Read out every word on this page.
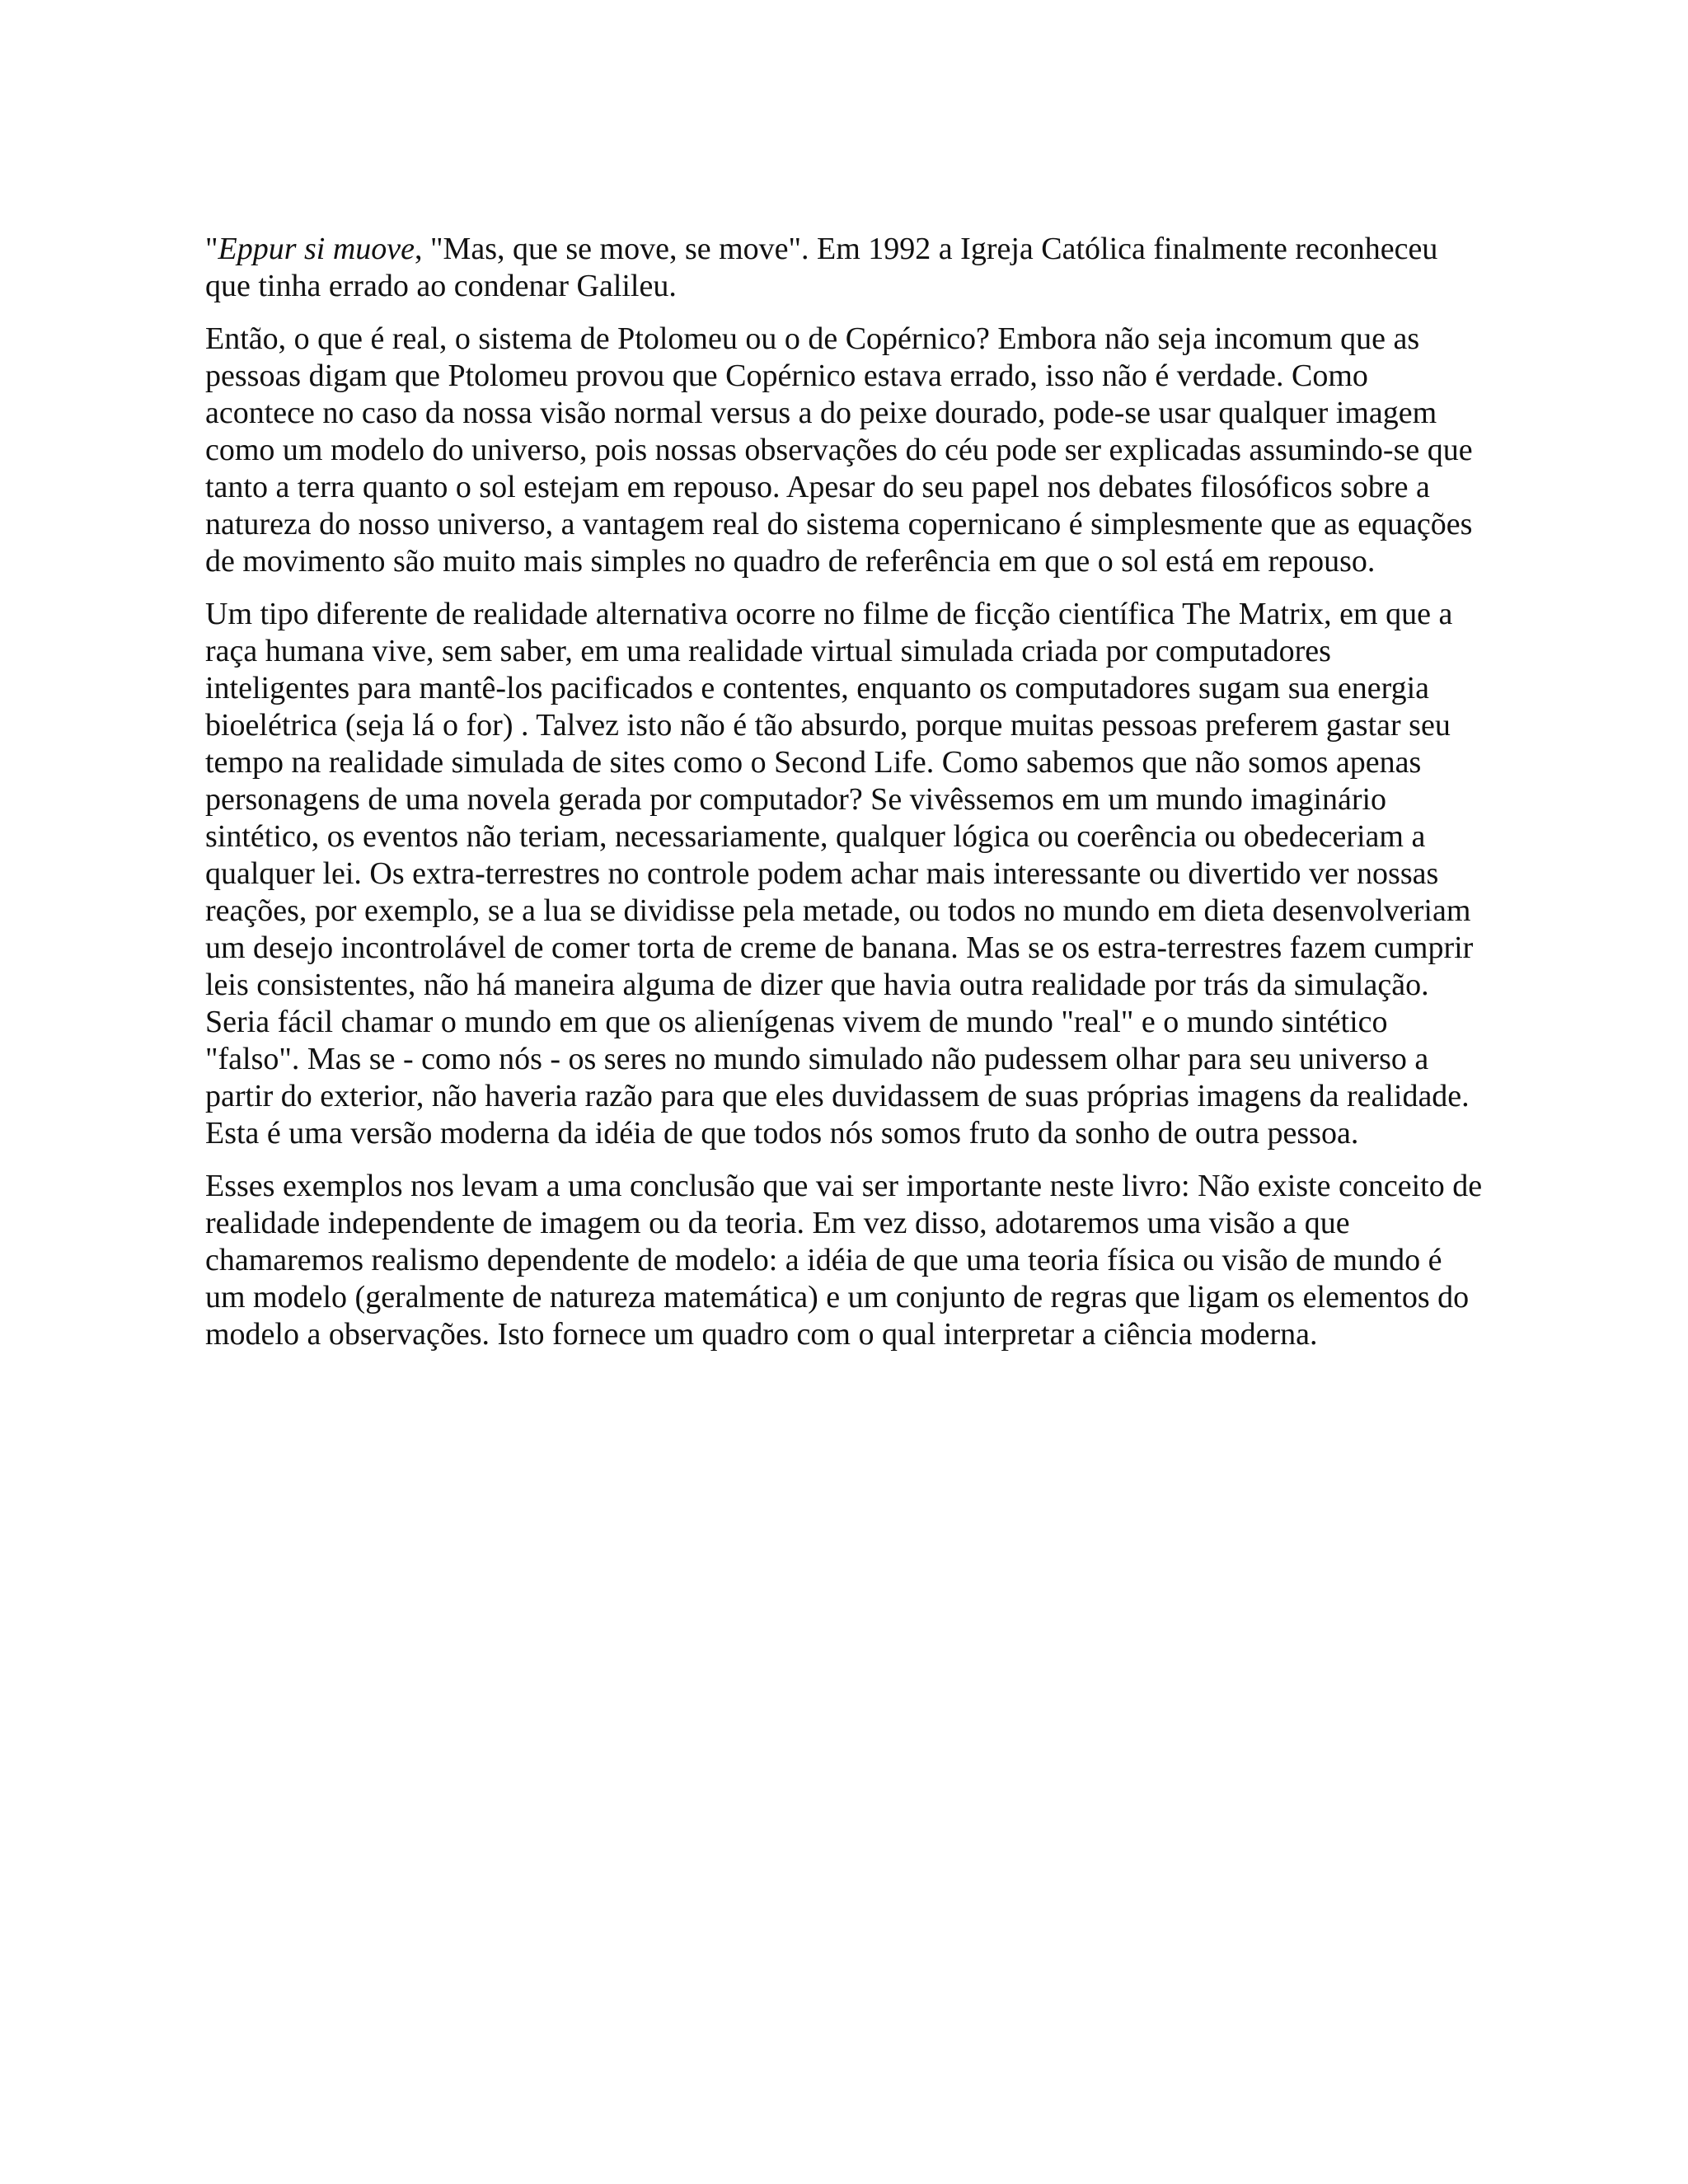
"Eppur si muove, "Mas, que se move, se move". Em 1992 a Igreja Católica finalmente reconheceu que tinha errado ao condenar Galileu.

Então, o que é real, o sistema de Ptolomeu ou o de Copérnico? Embora não seja incomum que as pessoas digam que Ptolomeu provou que Copérnico estava errado, isso não é verdade. Como acontece no caso da nossa visão normal versus a do peixe dourado, pode-se usar qualquer imagem como um modelo do universo, pois nossas observações do céu pode ser explicadas assumindo-se que tanto a terra quanto o sol estejam em repouso. Apesar do seu papel nos debates filosóficos sobre a natureza do nosso universo, a vantagem real do sistema copernicano é simplesmente que as equações de movimento são muito mais simples no quadro de referência em que o sol está em repouso.

Um tipo diferente de realidade alternativa ocorre no filme de ficção científica The Matrix, em que a raça humana vive, sem saber, em uma realidade virtual simulada criada por computadores inteligentes para mantê-los pacificados e contentes, enquanto os computadores sugam sua energia bioelétrica (seja lá o for) . Talvez isto não é tão absurdo, porque muitas pessoas preferem gastar seu tempo na realidade simulada de sites como o Second Life. Como sabemos que não somos apenas personagens de uma novela gerada por computador? Se vivêssemos em um mundo imaginário sintético, os eventos não teriam, necessariamente, qualquer lógica ou coerência ou obedeceriam a qualquer lei. Os extra-terrestres no controle podem achar mais interessante ou divertido ver nossas reações, por exemplo, se a lua se dividisse pela metade, ou todos no mundo em dieta desenvolveriam um desejo incontrolável de comer torta de creme de banana. Mas se os estra-terrestres fazem cumprir leis consistentes, não há maneira alguma de dizer que havia outra realidade por trás da simulação. Seria fácil chamar o mundo em que os alienígenas vivem de mundo "real" e o mundo sintético "falso". Mas se - como nós - os seres no mundo simulado não pudessem olhar para seu universo a partir do exterior, não haveria razão para que eles duvidassem de suas próprias imagens da realidade. Esta é uma versão moderna da idéia de que todos nós somos fruto da sonho de outra pessoa.

Esses exemplos nos levam a uma conclusão que vai ser importante neste livro: Não existe conceito de realidade independente de imagem ou da teoria. Em vez disso, adotaremos uma visão a que chamaremos realismo dependente de modelo: a idéia de que uma teoria física ou visão de mundo é um modelo (geralmente de natureza matemática) e um conjunto de regras que ligam os elementos do modelo a observações. Isto fornece um quadro com o qual interpretar a ciência moderna.
